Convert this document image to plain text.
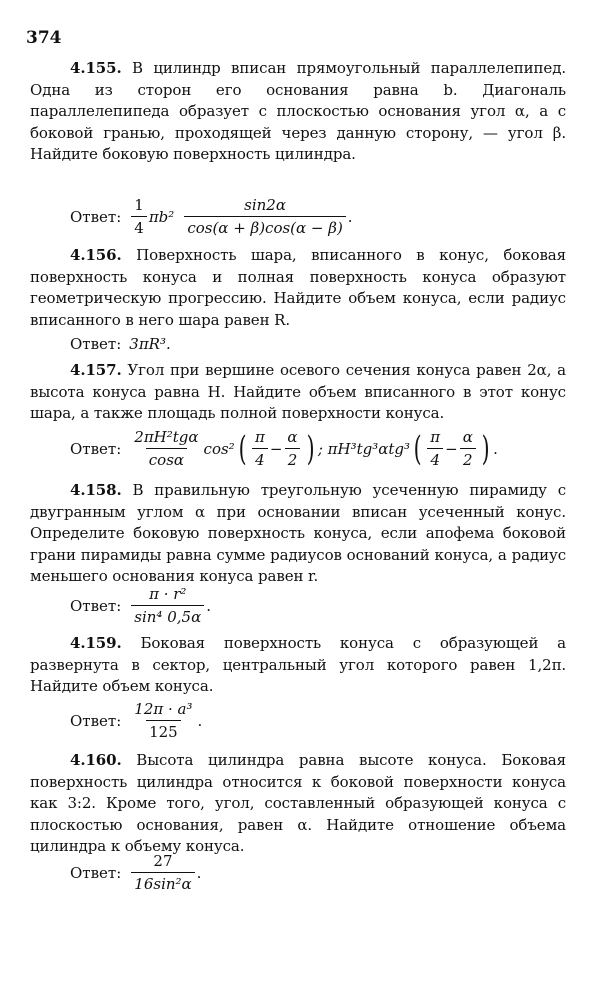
374
4.155. В цилиндр вписан прямоугольный параллелепипед. Одна из сторон его основания равна b. Диагональ параллелепипеда образует с плоскостью основания угол α, а с боковой гранью, проходящей через данную сторону, — угол β. Найдите боковую поверхность цилиндра.
Ответ: $\frac{1}{4} \pi b^2 \frac{\sin 2\alpha}{\cos(\alpha + \beta)\cos(\alpha - \beta)}$ .
4.156. Поверхность шара, вписанного в конус, боковая поверхность конуса и полная поверхность конуса образуют геометрическую прогрессию. Найдите объем конуса, если радиус вписанного в него шара равен R.
Ответ: 3πR³.
4.157. Угол при вершине осевого сечения конуса равен 2α, а высота конуса равна H. Найдите объем вписанного в этот конус шара, а также площадь полной поверхности конуса.
Ответ: $\frac{\text{2πH²tgα}}{\cos\alpha} \cos^2$ ( $\frac{\pi}{4} - \frac{\alpha}{2}$ ) ; πH³tg³αtg³ ( $\frac{\pi}{4} - \frac{\alpha}{2}$ ) .
4.158. В правильную треугольную усеченную пирамиду с двугранным углом α при основании вписан усеченный конус. Определите боковую поверхность конуса, если апофема боковой грани пирамиды равна сумме радиусов оснований конуса, а радиус меньшего основания конуса равен r.
Ответ: $\frac{\text{π · r²}}{\text{sin⁴ 0,5α}}$ .
4.159. Боковая поверхность конуса с образующей a развернута в сектор, центральный угол которого равен 1,2π. Найдите объем конуса.
Ответ: $\frac{\text{12π · a³}}{125}$ .
4.160. Высота цилиндра равна высоте конуса. Боковая поверхность цилиндра относится к боковой поверхности конуса как 3:2. Кроме того, угол, составленный образующей конуса с плоскостью основания, равен α. Найдите отношение объема цилиндра к объему конуса.
Ответ: $\frac{27}{\text{16sin²α}}$ .
